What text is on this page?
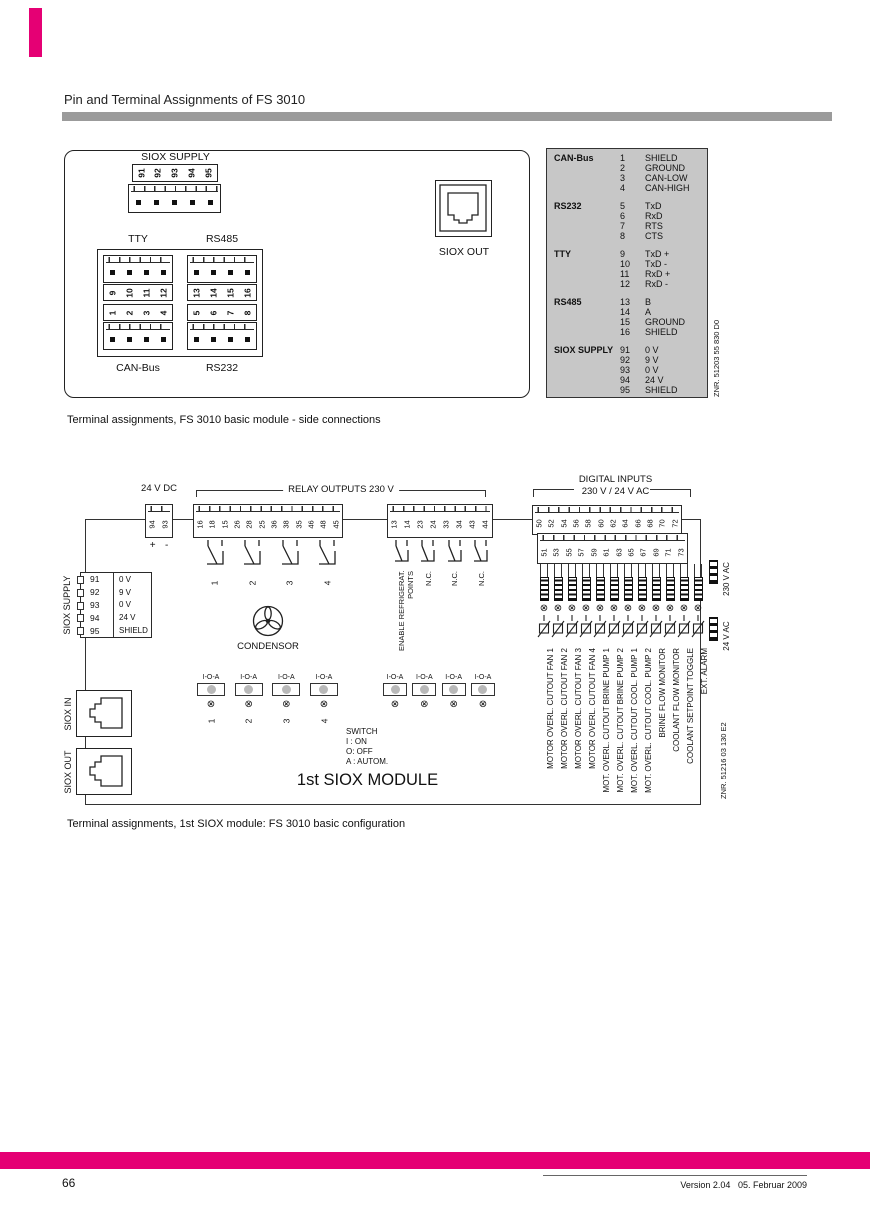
Pin and Terminal Assignments of FS 3010
SIOX SUPPLY
91 92 93 94 95
TTY	RS485
9 10 11 12	13 14 15 16
1 2 3 4	5 6 7 8
CAN-Bus	RS232
SIOX OUT
CAN-Bus	1	SHIELD
2	GROUND
3	CAN-LOW
4	CAN-HIGH
RS232	5	TxD
6	RxD
7	RTS
8	CTS
TTY	9	TxD +
10	TxD -
11	RxD +
12	RxD -
RS485	13	B
14	A
15	GROUND
16	SHIELD
SIOX SUPPLY 91	0 V
92	9 V
93	0 V
94	24 V
95	SHIELD	ZNR. 51203 55 830 D0
Terminal assignments, FS 3010 basic module - side connections
24 V DC
94 93
+ -
RELAY OUTPUTS 230 V
16 18 15 26 28 25 36 38 35 46 48 45	13 14 23 24 33 34 43 44
1	2	3	4	ENABLE REFRIGERAT. POINTS N.C. N.C. N.C.
DIGITAL INPUTS
230 V / 24 V AC
50 52 54 56 58 60 62 64 66 68 70 72
51 53 55 57 59 61 63 65 67 69 71 73
⊗
MOTOR OVERL. CUTOUT FAN 1
⊗
MOTOR OVERL. CUTOUT FAN 2
⊗
MOTOR OVERL. CUTOUT FAN 3
⊗
MOTOR OVERL. CUTOUT FAN 4
⊗
MOT. OVERL. CUTOUT BRINE PUMP 1
⊗
MOT. OVERL. CUTOUT BRINE PUMP 2
⊗
MOT. OVERL. CUTOUT COOL. PUMP 1
⊗
MOT. OVERL. CUTOUT COOL. PUMP 2
⊗
BRINE FLOW MONITOR
⊗
COOLANT FLOW MONITOR
⊗
COOLANT SETPOINT TOGGLE
⊗
EXT. ALARM
230 V AC
24 V AC
91	0 V
92	9 V
93	0 V
94	24 V
95	SHIELD
SIOX SUPPLY
SIOX IN
SIOX OUT
CONDENSOR
I-O-A
⊗
1
I-O-A
⊗
2
I-O-A
⊗
3
I-O-A
⊗
4
I-O-A
⊗
I-O-A
⊗
I-O-A
⊗
I-O-A
⊗
SWITCH
I : ON
O: OFF
A : AUTOM.
1st SIOX MODULE	ZNR. 51216 03 130 E2
Terminal assignments, 1st SIOX module: FS 3010 basic configuration
66	Version 2.04   05. Februar 2009
